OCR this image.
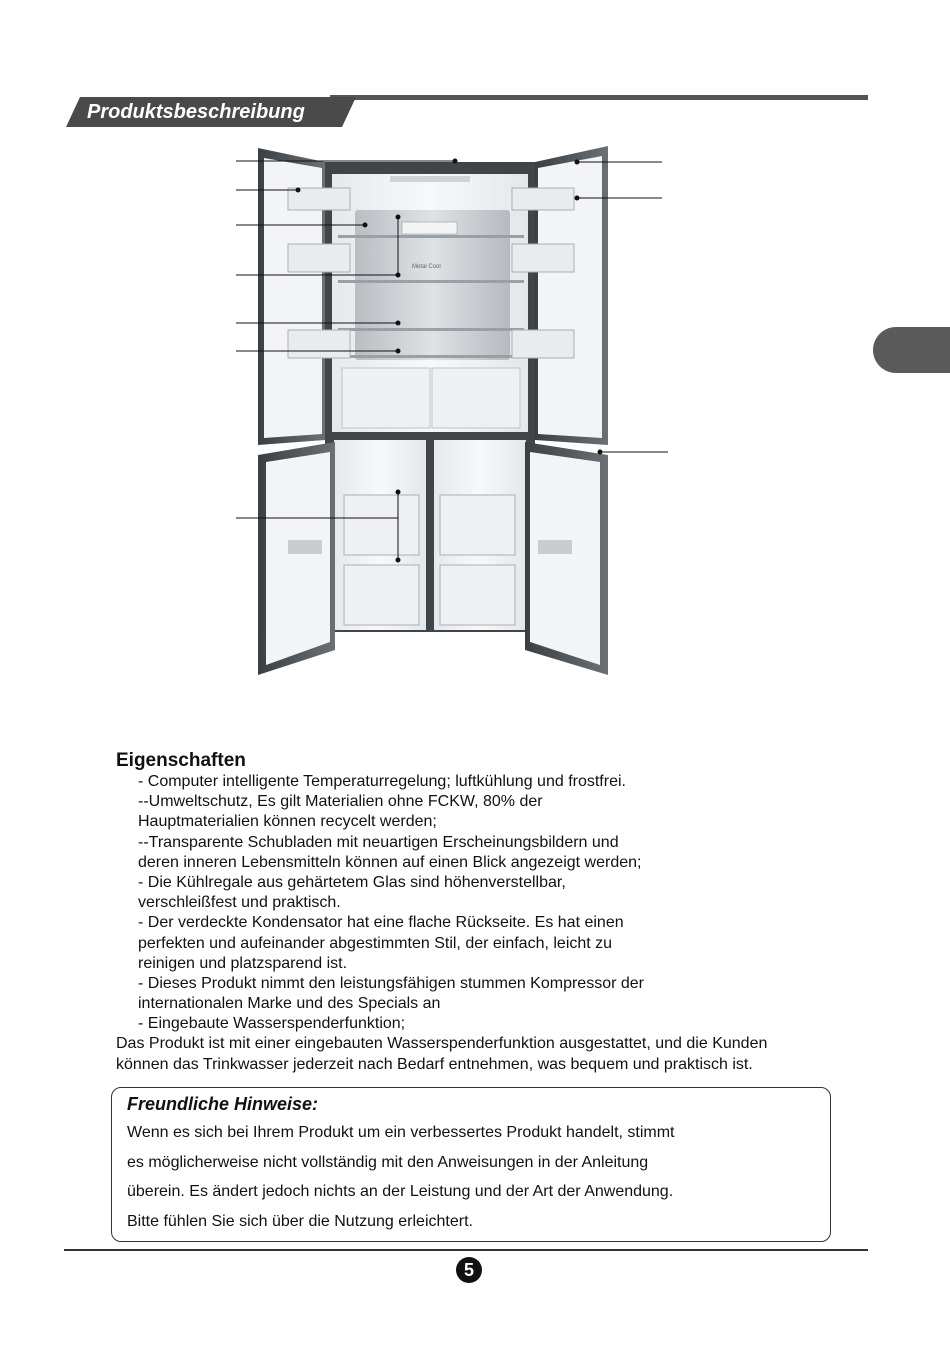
Produktsbeschreibung
Metal Cool
Eigenschaften
- Computer intelligente Temperaturregelung; luftkühlung und frostfrei.
--Umweltschutz, Es gilt Materialien ohne FCKW, 80% der
Hauptmaterialien können recycelt werden;
--Transparente Schubladen mit neuartigen Erscheinungsbildern und
deren inneren Lebensmitteln können auf einen Blick angezeigt werden;
- Die Kühlregale aus gehärtetem Glas sind höhenverstellbar,
verschleißfest und praktisch.
- Der verdeckte Kondensator hat eine flache Rückseite. Es hat einen
perfekten und aufeinander abgestimmten Stil, der einfach, leicht zu
reinigen und platzsparend ist.
- Dieses Produkt nimmt den leistungsfähigen stummen Kompressor der
internationalen Marke und des Specials an
- Eingebaute Wasserspenderfunktion;
Das Produkt ist mit einer eingebauten Wasserspenderfunktion ausgestattet, und die Kunden
können das Trinkwasser jederzeit nach Bedarf entnehmen, was bequem und praktisch ist.
Freundliche Hinweise:
Wenn es sich bei Ihrem Produkt um ein verbessertes Produkt handelt, stimmt
es möglicherweise nicht vollständig mit den Anweisungen in der Anleitung
überein. Es ändert jedoch nichts an der Leistung und der Art der Anwendung.
Bitte fühlen Sie sich über die Nutzung erleichtert.
5
